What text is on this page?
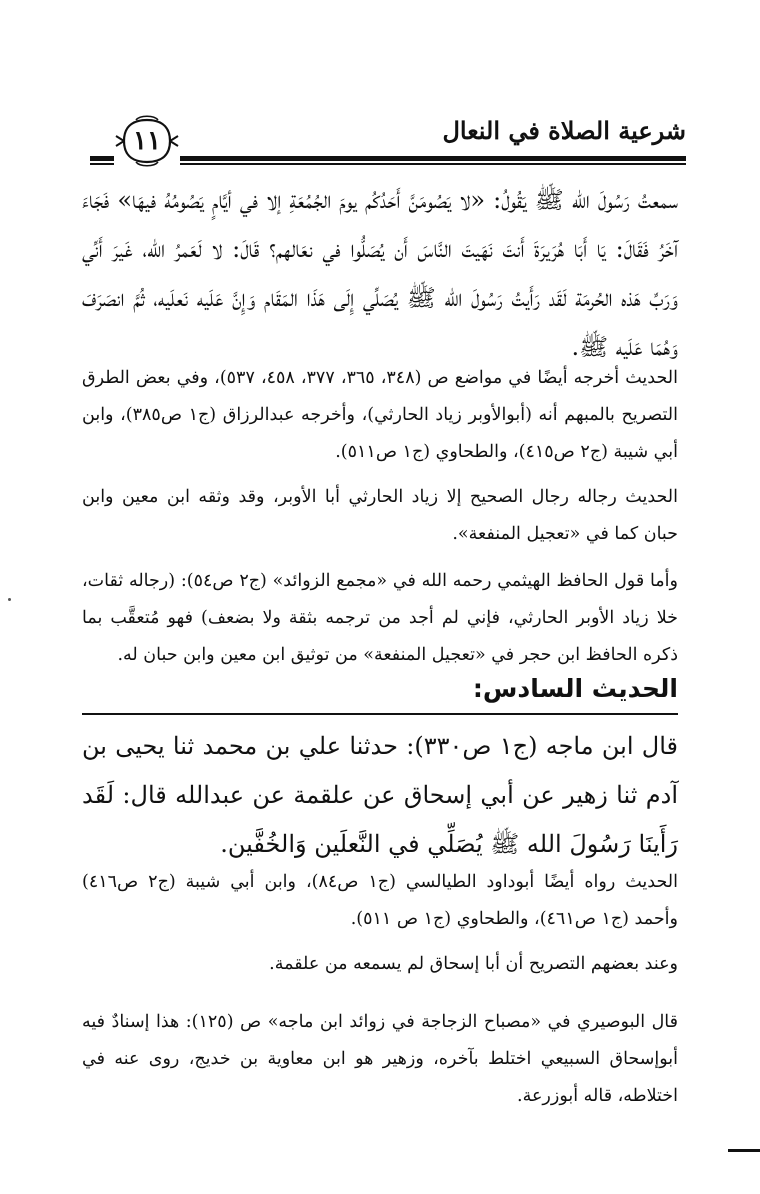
شرعية الصلاة في النعال
١١

سمعتُ رَسُولَ الله ﷺ يَقُولُ: «لا يَصُومَنَّ أَحَدُكُم يومَ الجُمُعَةِ إلا في أيَّامٍ يَصُومُهُ فيهَا» فَجَاءَ آخَرُ فَقَالَ: يَا أَبَا هُرَيرَةَ أَنتَ نَهَيتَ النَّاسَ أَن يُصَلُّوا في نعَالهم؟ قَالَ: لا لَعَمرُ الله، غَيرَ أَنِّي وَرَبِّ هَذه الحُرمَة لَقَد رَأَيتُ رَسُولَ الله ﷺ يُصَلِّي إِلَى هَذَا المَقَام وَإِنَّ عَلَيه نَعلَيه، ثُمَّ انصَرَفَ وَهُمَا عَلَيه ﷺ.

الحديث أخرجه أيضًا في مواضع ص (٣٤٨، ٣٦٥، ٣٧٧، ٤٥٨، ٥٣٧)، وفي بعض الطرق التصريح بالمبهم أنه (أبوالأوبر زياد الحارثي)، وأخرجه عبدالرزاق (ج١ ص٣٨٥)، وابن أبي شيبة (ج٢ ص٤١٥)، والطحاوي (ج١ ص٥١١).

الحديث رجاله رجال الصحيح إلا زياد الحارثي أبا الأوبر، وقد وثقه ابن معين وابن حبان كما في «تعجيل المنفعة».

وأما قول الحافظ الهيثمي رحمه الله في «مجمع الزوائد» (ج٢ ص٥٤): (رجاله ثقات، خلا زياد الأوبر الحارثي، فإني لم أجد من ترجمه بثقة ولا بضعف) فهو مُتعقَّب بما ذكره الحافظ ابن حجر في «تعجيل المنفعة» من توثيق ابن معين وابن حبان له.

الحديث السادس:

قال ابن ماجه (ج١ ص٣٣٠): حدثنا علي بن محمد ثنا يحيى بن آدم ثنا زهير عن أبي إسحاق عن علقمة عن عبدالله قال: لَقَد رَأَينَا رَسُولَ الله ﷺ يُصَلِّي في النَّعلَين وَالخُفَّين.

الحديث رواه أيضًا أبوداود الطيالسي (ج١ ص٨٤)، وابن أبي شيبة (ج٢ ص٤١٦) وأحمد (ج١ ص٤٦١)، والطحاوي (ج١ ص ٥١١).

وعند بعضهم التصريح أن أبا إسحاق لم يسمعه من علقمة.

قال البوصيري في «مصباح الزجاجة في زوائد ابن ماجه» ص (١٢٥): هذا إسنادٌ فيه أبوإسحاق السبيعي اختلط بآخره، وزهير هو ابن معاوية بن خديج، روى عنه في اختلاطه، قاله أبوزرعة.
